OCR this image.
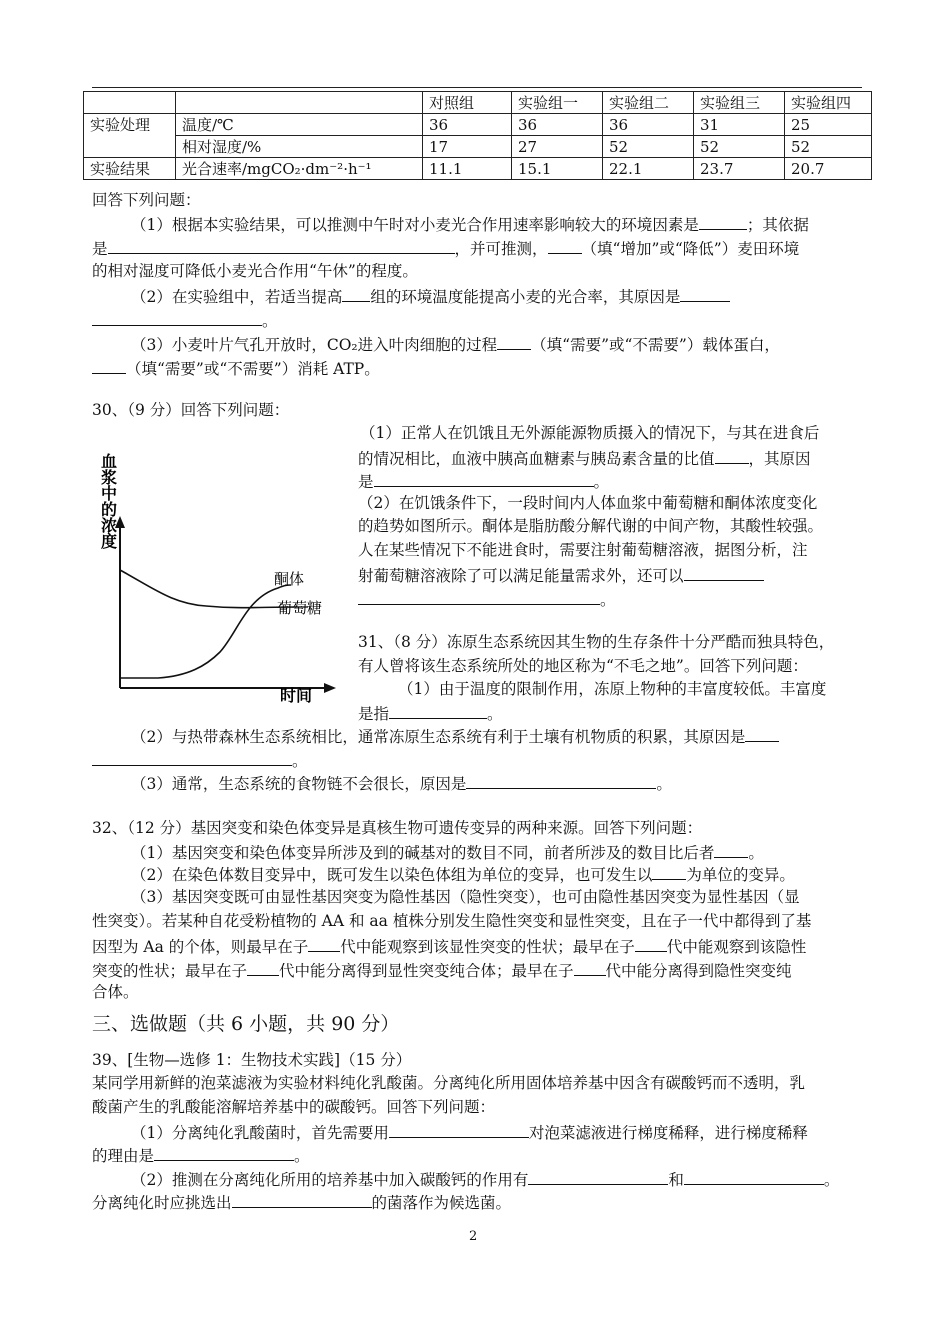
		对照组	实验组一	实验组二	实验组三	实验组四
实验处理	温度/℃	36	36	36	31	25
	相对湿度/%	17	27	52	52	52
实验结果	光合速率/mgCO₂·dm⁻²·h⁻¹	11.1	15.1	22.1	23.7	20.7
回答下列问题：
（1）根据本实验结果，可以推测中午时对小麦光合作用速率影响较大的环境因素是	；其依据
是	，并可推测， （填“增加”或“降低”）麦田环境
的相对湿度可降低小麦光合作用“午休”的程度。
（2）在实验组中，若适当提高 组的环境温度能提高小麦的光合率，其原因是
。
（3）小麦叶片气孔开放时，CO₂进入叶肉细胞的过程 （填“需要”或“不需要”）载体蛋白，
（填“需要”或“不需要”）消耗 ATP。
30、（9 分）回答下列问题：
血浆中的浓度
酮体
葡萄糖
时间
（1）正常人在饥饿且无外源能源物质摄入的情况下，与其在进食后
的情况相比，血液中胰高血糖素与胰岛素含量的比值 ，其原因
是	。
（2）在饥饿条件下，一段时间内人体血浆中葡萄糖和酮体浓度变化
的趋势如图所示。酮体是脂肪酸分解代谢的中间产物，其酸性较强。
人在某些情况下不能进食时，需要注射葡萄糖溶液，据图分析，注
射葡萄糖溶液除了可以满足能量需求外，还可以
。
31、（8 分）冻原生态系统因其生物的生存条件十分严酷而独具特色，
有人曾将该生态系统所处的地区称为“不毛之地”。回答下列问题：
（1）由于温度的限制作用，冻原上物种的丰富度较低。丰富度
是指	。
（2）与热带森林生态系统相比，通常冻原生态系统有利于土壤有机物质的积累，其原因是
。
（3）通常，生态系统的食物链不会很长，原因是	。
32、（12 分）基因突变和染色体变异是真核生物可遗传变异的两种来源。回答下列问题：
（1）基因突变和染色体变异所涉及到的碱基对的数目不同，前者所涉及的数目比后者 。
（2）在染色体数目变异中，既可发生以染色体组为单位的变异，也可发生以 为单位的变异。
（3）基因突变既可由显性基因突变为隐性基因（隐性突变），也可由隐性基因突变为显性基因（显
性突变）。若某种自花受粉植物的 AA 和 aa 植株分别发生隐性突变和显性突变，且在子一代中都得到了基
因型为 Aa 的个体，则最早在子 代中能观察到该显性突变的性状；最早在子 代中能观察到该隐性
突变的性状；最早在子 代中能分离得到显性突变纯合体；最早在子 代中能分离得到隐性突变纯
合体。
三、选做题（共 6 小题，共 90 分）
39、[生物—选修 1：生物技术实践]（15 分）
某同学用新鲜的泡菜滤液为实验材料纯化乳酸菌。分离纯化所用固体培养基中因含有碳酸钙而不透明，乳
酸菌产生的乳酸能溶解培养基中的碳酸钙。回答下列问题：
（1）分离纯化乳酸菌时，首先需要用	对泡菜滤液进行梯度稀释，进行梯度稀释
的理由是	。
（2）推测在分离纯化所用的培养基中加入碳酸钙的作用有	和	。
分离纯化时应挑选出	的菌落作为候选菌。
2
